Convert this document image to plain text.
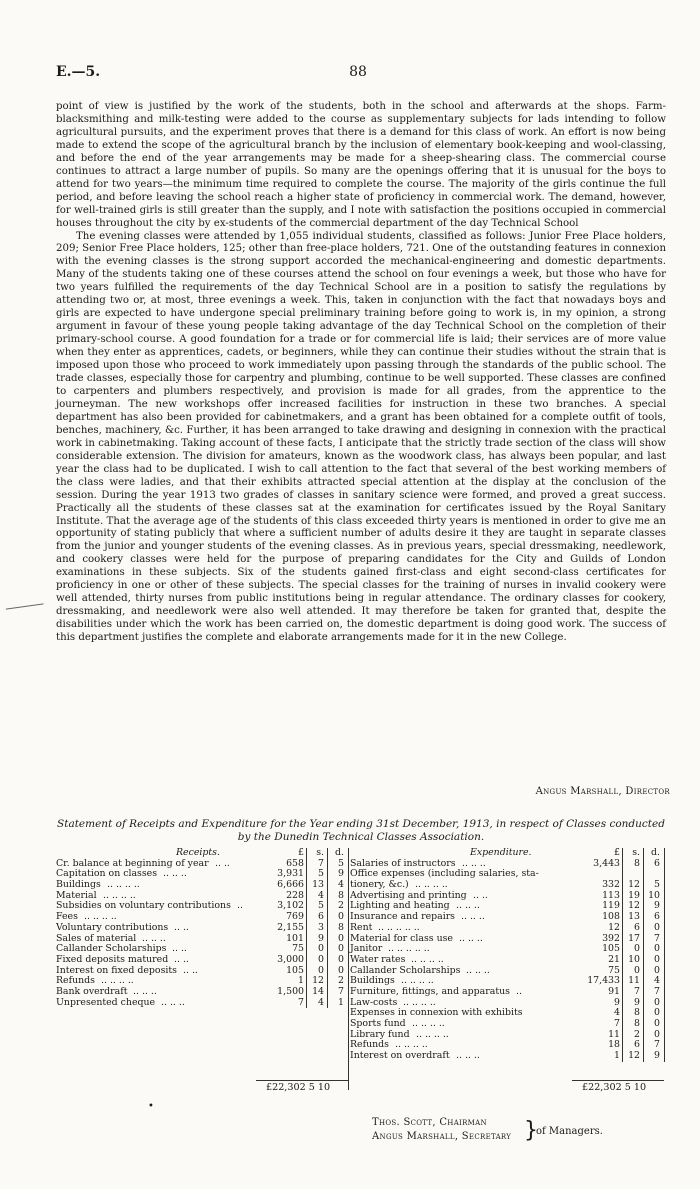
E.—5.	88

point of view is justified by the work of the students, both in the school and afterwards at the shops. Farm-blacksmithing and milk-testing were added to the course as supplementary subjects for lads intending to follow agricultural pursuits, and the experiment proves that there is a demand for this class of work. An effort is now being made to extend the scope of the agricultural branch by the inclusion of elementary book-keeping and wool-classing, and before the end of the year arrangements may be made for a sheep-shearing class. The commercial course continues to attract a large number of pupils. So many are the openings offering that it is unusual for the boys to attend for two years—the minimum time required to complete the course. The majority of the girls continue the full period, and before leaving the school reach a higher state of proficiency in commercial work. The demand, however, for well-trained girls is still greater than the supply, and I note with satisfaction the positions occupied in commercial houses throughout the city by ex-students of the commercial department of the day Technical School

The evening classes were attended by 1,055 individual students, classified as follows: Junior Free Place holders, 209; Senior Free Place holders, 125; other than free-place holders, 721. One of the outstanding features in connexion with the evening classes is the strong support accorded the mechanical-engineering and domestic departments. Many of the students taking one of these courses attend the school on four evenings a week, but those who have for two years fulfilled the requirements of the day Technical School are in a position to satisfy the regulations by attending two or, at most, three evenings a week. This, taken in conjunction with the fact that nowadays boys and girls are expected to have undergone special preliminary training before going to work is, in my opinion, a strong argument in favour of these young people taking advantage of the day Technical School on the completion of their primary-school course. A good foundation for a trade or for commercial life is laid; their services are of more value when they enter as apprentices, cadets, or beginners, while they can continue their studies without the strain that is imposed upon those who proceed to work immediately upon passing through the standards of the public school. The trade classes, especially those for carpentry and plumbing, continue to be well supported. These classes are confined to carpenters and plumbers respectively, and provision is made for all grades, from the apprentice to the journeyman. The new workshops offer increased facilities for instruction in these two branches. A special department has also been provided for cabinetmakers, and a grant has been obtained for a complete outfit of tools, benches, machinery, &c. Further, it has been arranged to take drawing and designing in connexion with the practical work in cabinetmaking. Taking account of these facts, I anticipate that the strictly trade section of the class will show considerable extension. The division for amateurs, known as the woodwork class, has always been popular, and last year the class had to be duplicated. I wish to call attention to the fact that several of the best working members of the class were ladies, and that their exhibits attracted special attention at the display at the conclusion of the session. During the year 1913 two grades of classes in sanitary science were formed, and proved a great success. Practically all the students of these classes sat at the examination for certificates issued by the Royal Sanitary Institute. That the average age of the students of this class exceeded thirty years is mentioned in order to give me an opportunity of stating publicly that where a sufficient number of adults desire it they are taught in separate classes from the junior and younger students of the evening classes. As in previous years, special dressmaking, needlework, and cookery classes were held for the purpose of preparing candidates for the City and Guilds of London examinations in these subjects. Six of the students gained first-class and eight second-class certificates for proficiency in one or other of these subjects. The special classes for the training of nurses in invalid cookery were well attended, thirty nurses from public institutions being in regular attendance. The ordinary classes for cookery, dressmaking, and needlework were also well attended. It may therefore be taken for granted that, despite the disabilities under which the work has been carried on, the domestic department is doing good work. The success of this department justifies the complete and elaborate arrangements made for it in the new College.

Angus Marshall, Director

Statement of Receipts and Expenditure for the Year ending 31st December, 1913, in respect of Classes conducted by the Dunedin Technical Classes Association.

Receipts.	£	s.	d.
Cr. balance at beginning of year .. ..	658	7	5
Capitation on classes .. .. ..	3,931	5	9
Buildings .. .. .. ..	6,666 13	4
Material .. .. .. ..	228	4	8
Subsidies on voluntary contributions ..	3,102	5	2
Fees .. .. .. ..	769	6	0
Voluntary contributions .. ..	2,155	3	8
Sales of material .. .. ..	101	9	0
Callander Scholarships .. ..	75	0	0
Fixed deposits matured .. ..	3,000	0	0
Interest on fixed deposits .. ..	105	0	0
Refunds .. .. .. ..	1 12	2
Bank overdraft .. .. ..	1,500 14	7
Unpresented cheque .. .. ..	7	4	1
£22,302 5 10
Expenditure.	£	s.	d.
Salaries of instructors .. .. ..	3,443	8	6
Office expenses (including salaries, sta-
tionery, &c.) .. .. .. ..	332 12	5
Advertising and printing .. ..	113 19 10
Lighting and heating .. .. ..	119 12	9
Insurance and repairs .. .. ..	108 13	6
Rent .. .. .. .. ..	12	6	0
Material for class use .. .. ..	392 17	7
Janitor .. .. .. .. ..	105	0	0
Water rates .. .. .. ..	21 10	0
Callander Scholarships .. .. ..	75	0	0
Buildings .. .. .. ..	17,433 11	4
Furniture, fittings, and apparatus ..	91	7	7
Law-costs .. .. .. ..	9	9	0
Expenses in connexion with exhibits	4	8	0
Sports fund .. .. .. ..	7	8	0
Library fund .. .. .. ..	11	2	0
Refunds .. .. .. ..	18	6	7
Interest on overdraft .. .. ..	1 12	9
£22,302 5 10
•
Thos. Scott, Chairman
Angus Marshall, Secretary }
of Managers.
